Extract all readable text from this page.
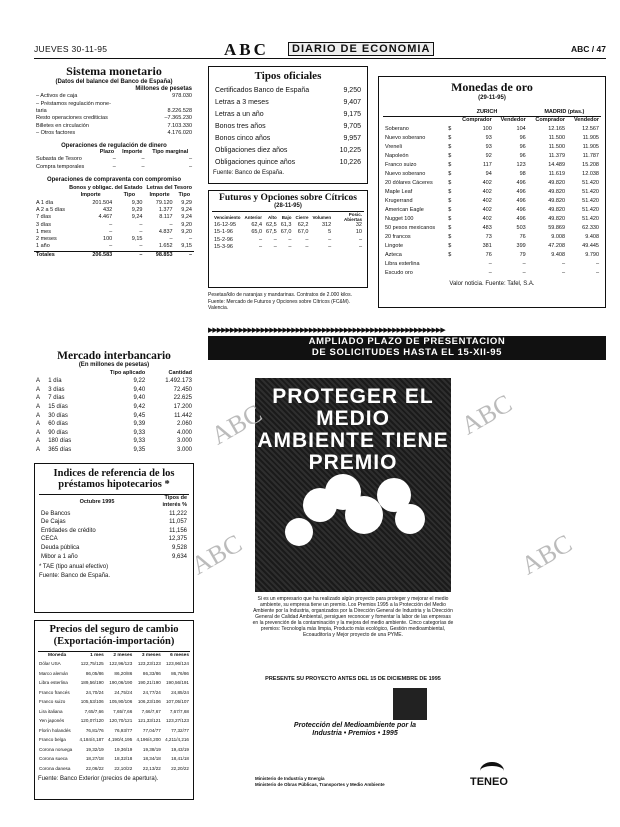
JUEVES 30-11-95	ABC	DIARIO DE ECONOMIA	ABC / 47
Sistema monetario
(Datos del balance del Banco de España)
Millones de pesetas
– Activos de caja	978.030
– Préstamos regulación mone-	
taria	8.226.528
Resto operaciones crediticias	–7.365.230
Billetes en circulación	7.103.330
– Otros factores	4.176.020
Operaciones de regulación de dinero
	Plazo	Importe	Tipo marginal
Subasta de Tesoro	–	–	–
Compra temporales	–	–	–
Operaciones de compraventa con compromiso
	Bonos y obligac. del Estado		Letras del Tesoro	
	Importe	Tipo	Importe	Tipo
A 1 día	201.504	9,30	79.120	9,29
A 2 a 5 días	432	9,29	1.377	9,24
7 días	4.467	9,24	8.117	9,24
3 días	–	–	–	9,20
1 mes	–	–	4.837	9,20
2 meses	100	9,15	–	–
1 año	–	–	1.652	9,15
Totales	206.583	–	98.853	–
Mercado interbancario
(En millones de pesetas)
		Tipo aplicado	Cantidad
A	1 día	9,22	1.492.173
A	3 días	9,40	72.450
A	7 días	9,40	22.625
A	15 días	9,42	17.200
A	30 días	9,45	11.442
A	60 días	9,39	2.060
A	90 días	9,33	4.000
A	180 días	9,33	3.000
A	365 días	9,35	3.000
Indices de referencia de los préstamos hipotecarios *
Octubre 1995	Tipos de interés %
De Bancos	11,222
De Cajas	11,057
Entidades de crédito	11,156
CECA	12,375
Deuda pública	9,528
Mibor a 1 año	9,634
* TAE (tipo anual efectivo)
Fuente: Banco de España.
Precios del seguro de cambio (Exportación-importación)
Moneda	1 mes	2 meses	3 meses	6 meses
Dólar USA	122,75/125	122,96/123	123,23/123	123,96/124
Marco alemán	86,05/86	86,20/86	86,33/86	86,76/86
Libra esterlina	189,56/190	190,06/190	190,21/190	190,56/191
Franco francés	24,70/24	24,75/24	24,77/24	24,85/24
Franco suizo	105,53/106	105,90/106	106,23/106	107,05/107
Lira italiana	7,65/7,66	7,65/7,66	7,66/7,67	7,67/7,68
Yen japonés	120,07/120	120,70/121	121,33/121	123,27/123
Florín holandés	76,81/76	76,93/77	77,04/77	77,32/77
Franco belga	4,184/4,187	4,190/4,195	4,196/4,200	4,211/4,216
Corona noruega	19,32/19	19,36/19	19,38/19	19,43/19
Corona sueca	18,27/18	18,32/18	18,34/18	18,41/18
Corona danesa	22,06/22	22,10/22	22,13/22	22,20/22
Fuente: Banco Exterior (precios de apertura).
Tipos oficiales
Certificados Banco de España	9,250
Letras a 3 meses	9,407
Letras a un año	9,175
Bonos tres años	9,705
Bonos cinco años	9,957
Obligaciones diez años	10,225
Obligaciones quince años	10,226
Fuente: Banco de España.
Futuros y Opciones sobre Cítricos
(28-11-95)
Vencimiento	Anterior	Alto	Bajo	Cierre	Volumen	Posic. Abiertas
16-12-95	62,4	62,5	61,3	62,2	312	32
15-1-96	65,0	67,5	67,0	67,0	5	10
15-2-96	–	–	–	–	–	–
15-3-96	–	–	–	–	–	–
Pesetas/kilo de naranjas y mandarinas. Contratos de 2.000 kilos. Fuente: Mercado de Futuros y Opciones sobre Cítricos (FC&M). Valencia.
Monedas de oro
(29-11-95)
	ZURICH			MADRID (ptas.)	
		Comprador	Vendedor	Comprador	Vendedor
Soberano	$	100	104	12.165	12.567
Nuevo soberano	$	93	96	11.500	11.905
Vreneli	$	93	96	11.500	11.905
Napoleón	$	92	96	11.379	11.787
Franco suizo	$	117	123	14.489	15.208
Nuevo soberano	$	94	98	11.619	12.038
20 dólares Cáceres	$	402	496	49.820	51.420
Maple Leaf	$	402	496	49.820	51.420
Krugerrand	$	402	496	49.820	51.420
American Eagle	$	402	496	49.820	51.420
Nugget 100	$	402	496	49.820	51.420
50 pesos mexicanos	$	483	503	59.869	62.330
20 francos	$	73	76	9.008	9.408
Lingote	$	381	399	47.208	49.445
Azteca	$	76	79	9.408	9.790
Libra esterlina		–	–	–	–
Escudo oro		–	–	–	–
Valor noticia. Fuente: Tafel, S.A.
▶▶▶▶▶▶▶▶▶▶▶▶▶▶▶▶▶▶▶▶▶▶▶▶▶▶▶▶▶▶▶▶▶▶▶▶▶▶▶▶▶▶▶▶▶▶▶▶▶▶▶▶▶▶
AMPLIADO PLAZO DE PRESENTACION
DE SOLICITUDES HASTA EL 15-XII-95
PROTEGER EL MEDIO AMBIENTE TIENE PREMIO
Si es un empresario que ha realizado algún proyecto para proteger y mejorar el medio ambiente, su empresa tiene un premio. Los Premios 1995 a la Protección del Medio Ambiente por la Industria, organizados por la Dirección General de Industria y la Dirección General de Calidad Ambiental, persiguen reconocer y fomentar la labor de las empresas en la prevención de la contaminación y la mejora del medio ambiente. Cinco categorías de premios: Tecnología más limpia, Producto más ecológico, Gestión medioambiental, Ecoauditoría y Mejor proyecto de una PYME.
PRESENTE SU PROYECTO ANTES DEL 15 DE DICIEMBRE DE 1995
Protección del Medioambiente por la Industria • Premios • 1995
Ministerio de Industria y Energía
Ministerio de Obras Públicas, Transportes y Medio Ambiente	TENEO
ABC	ABC
ABC
ABC
